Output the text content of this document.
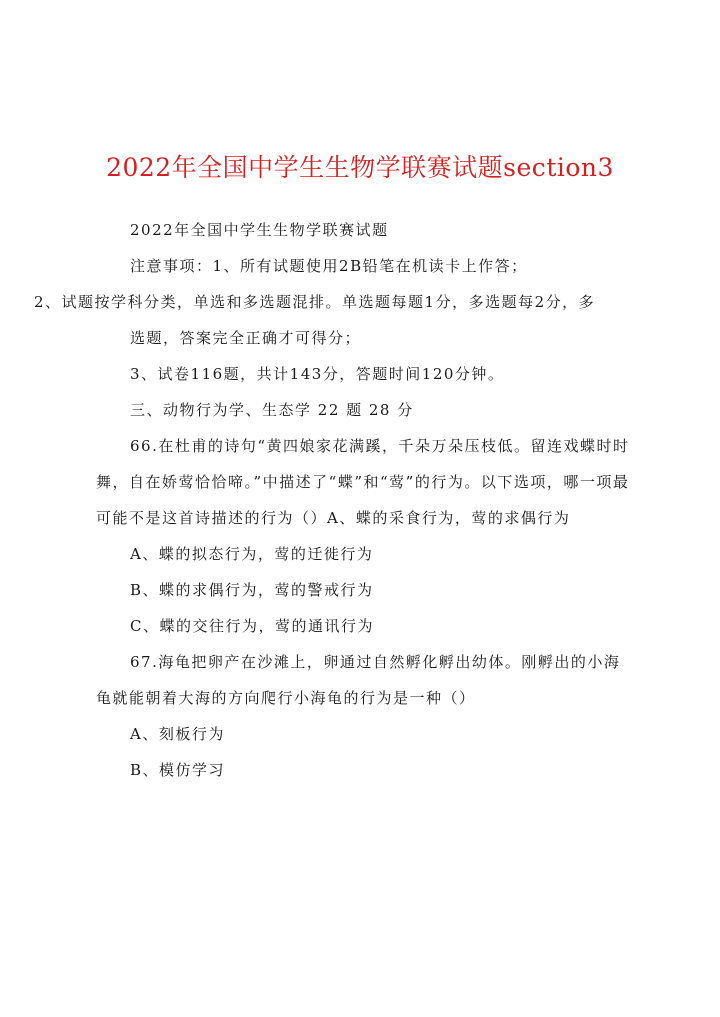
2022年全国中学生生物学联赛试题section3

2022年全国中学生生物学联赛试题

注意事项：1、所有试题使用2B铅笔在机读卡上作答；

2、试题按学科分类，单选和多选题混排。单选题每题1分，多选题每2分，多

选题，答案完全正确才可得分；

3、试卷116题，共计143分，答题时间120分钟。

三、动物行为学、生态学 22 题 28 分

66.在杜甫的诗句“黄四娘家花满蹊，千朵万朵压枝低。留连戏蝶时时舞，自在娇莺恰恰啼。”中描述了“蝶”和“莺”的行为。以下选项，哪一项最可能不是这首诗描述的行为（）A、蝶的采食行为，莺的求偶行为

A、蝶的拟态行为，莺的迁徙行为

B、蝶的求偶行为，莺的警戒行为

C、蝶的交往行为，莺的通讯行为

67.海龟把卵产在沙滩上，卵通过自然孵化孵出幼体。刚孵出的小海龟就能朝着大海的方向爬行小海龟的行为是一种（）

A、刻板行为

B、模仿学习
